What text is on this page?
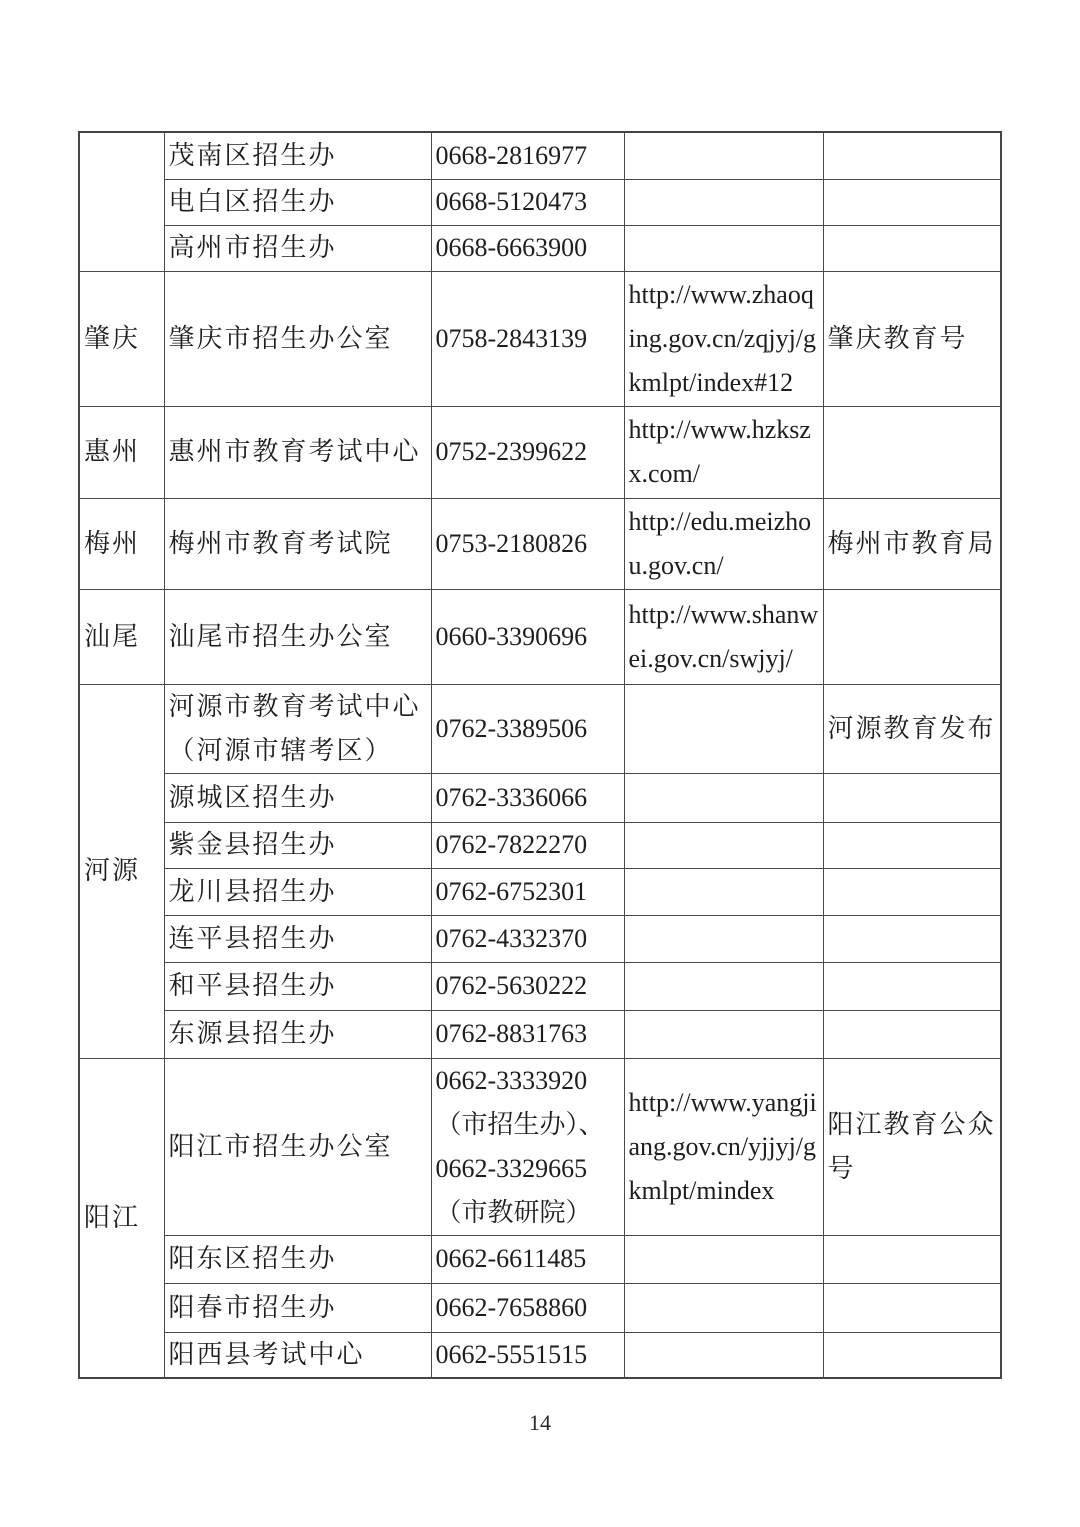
	茂南区招生办	0668-2816977		
	电白区招生办	0668-5120473		
	高州市招生办	0668-6663900		
肇庆	肇庆市招生办公室	0758-2843139	http://www.zhaoqing.gov.cn/zqjyj/gkmlpt/index#12	肇庆教育号
惠州	惠州市教育考试中心	0752-2399622	http://www.hzkszx.com/	
梅州	梅州市教育考试院	0753-2180826	http://edu.meizhou.gov.cn/	梅州市教育局
汕尾	汕尾市招生办公室	0660-3390696	http://www.shanwei.gov.cn/swjyj/	
河源	河源市教育考试中心（河源市辖考区）	0762-3389506		河源教育发布
	源城区招生办	0762-3336066		
	紫金县招生办	0762-7822270		
	龙川县招生办	0762-6752301		
	连平县招生办	0762-4332370		
	和平县招生办	0762-5630222		
	东源县招生办	0762-8831763		
阳江	阳江市招生办公室	0662-3333920（市招生办）、0662-3329665（市教研院）	http://www.yangjiang.gov.cn/yjjyj/gkmlpt/mindex	阳江教育公众号
	阳东区招生办	0662-6611485		
	阳春市招生办	0662-7658860		
	阳西县考试中心	0662-5551515		
14
